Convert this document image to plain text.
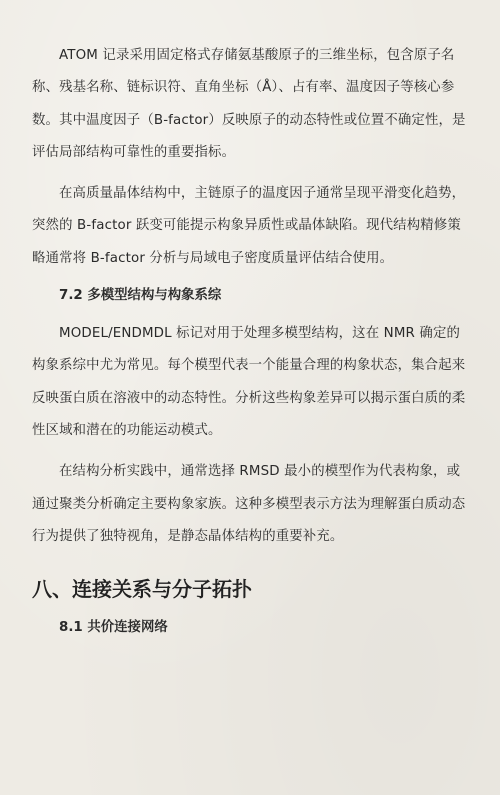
ATOM 记录采用固定格式存储氨基酸原子的三维坐标，包含原子名称、残基名称、链标识符、直角坐标（Å）、占有率、温度因子等核心参数。其中温度因子（B-factor）反映原子的动态特性或位置不确定性，是评估局部结构可靠性的重要指标。

在高质量晶体结构中，主链原子的温度因子通常呈现平滑变化趋势，突然的 B-factor 跃变可能提示构象异质性或晶体缺陷。现代结构精修策略通常将 B-factor 分析与局域电子密度质量评估结合使用。

7.2 多模型结构与构象系综

MODEL/ENDMDL 标记对用于处理多模型结构，这在 NMR 确定的构象系综中尤为常见。每个模型代表一个能量合理的构象状态，集合起来反映蛋白质在溶液中的动态特性。分析这些构象差异可以揭示蛋白质的柔性区域和潜在的功能运动模式。

在结构分析实践中，通常选择 RMSD 最小的模型作为代表构象，或通过聚类分析确定主要构象家族。这种多模型表示方法为理解蛋白质动态行为提供了独特视角，是静态晶体结构的重要补充。

八、连接关系与分子拓扑
8.1 共价连接网络
